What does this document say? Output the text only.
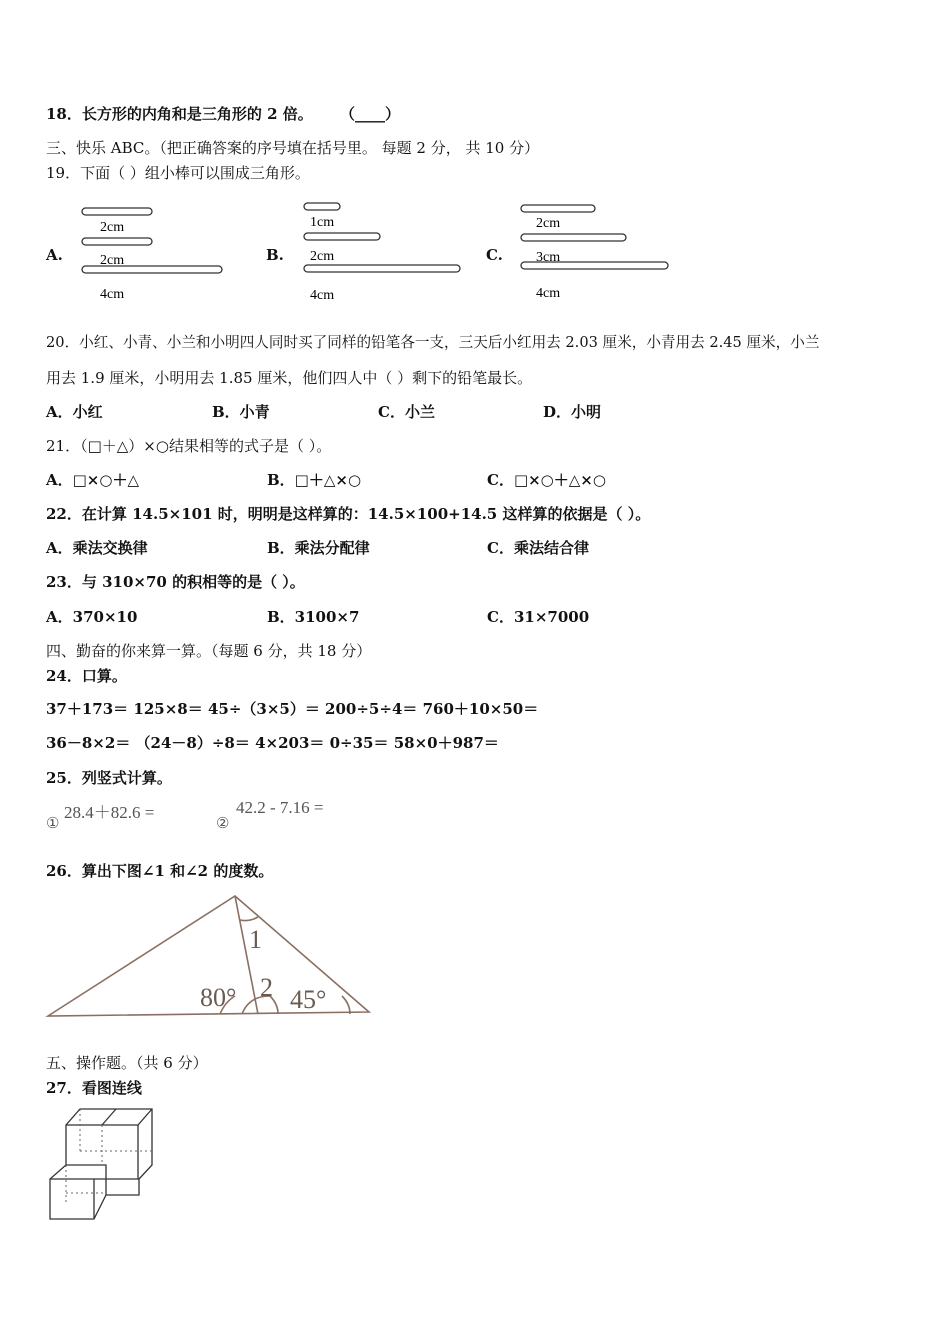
18．长方形的内角和是三角形的 2 倍。 （____）
三、快乐 ABC。（把正确答案的序号填在括号里。 每题 2 分， 共 10 分）
19．下面（ ）组小棒可以围成三角形。
A.
2cm
2cm
4cm
B.
1cm
2cm
4cm
C.
2cm
3cm
4cm
20．小红、小青、小兰和小明四人同时买了同样的铅笔各一支，三天后小红用去 2.03 厘米，小青用去 2.45 厘米，小兰
用去 1.9 厘米，小明用去 1.85 厘米，他们四人中（ ）剩下的铅笔最长。
A．小红	B．小青	C．小兰	D．小明
21．（□＋△）×○结果相等的式子是（ ）。
A．□×○＋△	B．□＋△×○	C．□×○＋△×○
22．在计算 14.5×101 时，明明是这样算的：14.5×100+14.5 这样算的依据是（ ）。
A．乘法交换律	B．乘法分配律	C．乘法结合律
23．与 310×70 的积相等的是（ ）。
A．370×10	B．3100×7	C．31×7000
四、勤奋的你来算一算。（每题 6 分，共 18 分）
24．口算。
37＋173＝ 125×8＝ 45÷（3×5）＝ 200÷5÷4＝ 760＋10×50＝
36－8×2＝ （24－8）÷8＝ 4×203＝ 0÷35＝ 58×0＋987＝
25．列竖式计算。
①
28.4＋82.6 =
②
42.2 - 7.16 =
26．算出下图∠1 和∠2 的度数。
1
2
80° 45°
五、操作题。（共 6 分）
27．看图连线
